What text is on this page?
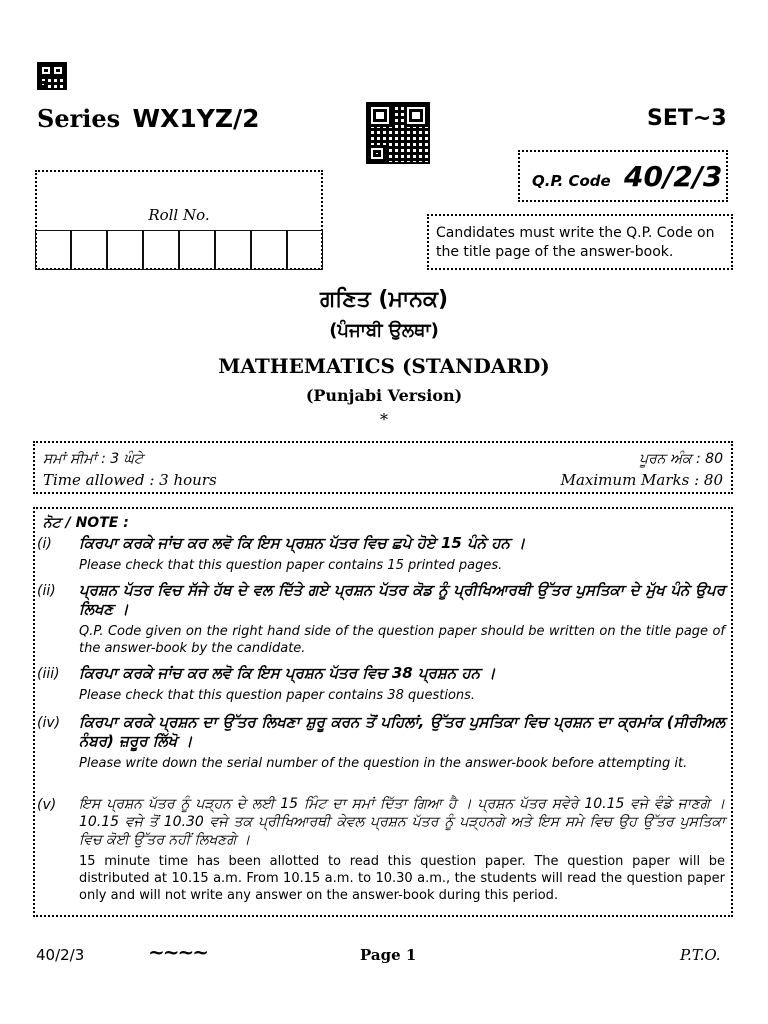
Series WX1YZ/2	SET~3
Q.P. Code 40/2/3
Roll No.
Candidates must write the Q.P. Code on the title page of the answer-book.
ਗਣਿਤ (ਮਾਨਕ)
(ਪੰਜਾਬੀ ਉਲਥਾ)
MATHEMATICS (STANDARD)
(Punjabi Version)
*
ਸਮਾਂ ਸੀਮਾਂ : 3 ਘੰਟੇ	ਪੂਰਨ ਅੰਕ : 80
Time allowed : 3 hours	Maximum Marks : 80
ਨੋਟ / NOTE :
(i) ਕਿਰਪਾ ਕਰਕੇ ਜਾਂਚ ਕਰ ਲਵੋ ਕਿ ਇਸ ਪ੍ਰਸ਼ਨ ਪੱਤਰ ਵਿਚ ਛਪੇ ਹੋਏ 15 ਪੰਨੇ ਹਨ ।
Please check that this question paper contains 15 printed pages.
(ii) ਪ੍ਰਸ਼ਨ ਪੱਤਰ ਵਿਚ ਸੱਜੇ ਹੱਥ ਦੇ ਵਲ ਦਿੱਤੇ ਗਏ ਪ੍ਰਸ਼ਨ ਪੱਤਰ ਕੋਡ ਨੂੰ ਪ੍ਰੀਖਿਆਰਥੀ ਉੱਤਰ ਪੁਸਤਿਕਾ ਦੇ ਮੁੱਖ ਪੰਨੇ ਉਪਰ ਲਿਖਣ ।
Q.P. Code given on the right hand side of the question paper should be written on the title page of the answer-book by the candidate.
(iii) ਕਿਰਪਾ ਕਰਕੇ ਜਾਂਚ ਕਰ ਲਵੋ ਕਿ ਇਸ ਪ੍ਰਸ਼ਨ ਪੱਤਰ ਵਿਚ 38 ਪ੍ਰਸ਼ਨ ਹਨ ।
Please check that this question paper contains 38 questions.
(iv) ਕਿਰਪਾ ਕਰਕੇ ਪ੍ਰਸ਼ਨ ਦਾ ਉੱਤਰ ਲਿਖਣਾ ਸ਼ੁਰੂ ਕਰਨ ਤੋਂ ਪਹਿਲਾਂ, ਉੱਤਰ ਪੁਸਤਿਕਾ ਵਿਚ ਪ੍ਰਸ਼ਨ ਦਾ ਕ੍ਰਮਾਂਕ (ਸੀਰੀਅਲ ਨੰਬਰ) ਜ਼ਰੂਰ ਲਿੱਖੋ ।
Please write down the serial number of the question in the answer-book before attempting it.
(v) ਇਸ ਪ੍ਰਸ਼ਨ ਪੱਤਰ ਨੂੰ ਪੜ੍ਹਨ ਦੇ ਲਈ 15 ਮਿੰਟ ਦਾ ਸਮਾਂ ਦਿੱਤਾ ਗਿਆ ਹੈ । ਪ੍ਰਸ਼ਨ ਪੱਤਰ ਸਵੇਰੇ 10.15 ਵਜੇ ਵੰਡੇ ਜਾਣਗੇ । 10.15 ਵਜੇ ਤੋਂ 10.30 ਵਜੇ ਤਕ ਪ੍ਰੀਖਿਆਰਥੀ ਕੇਵਲ ਪ੍ਰਸ਼ਨ ਪੱਤਰ ਨੂੰ ਪੜ੍ਹਨਗੇ ਅਤੇ ਇਸ ਸਮੇ ਵਿਚ ਉਹ ਉੱਤਰ ਪੁਸਤਿਕਾ ਵਿਚ ਕੋਈ ਉੱਤਰ ਨਹੀਂ ਲਿਖਣਗੇ ।
15 minute time has been allotted to read this question paper. The question paper will be distributed at 10.15 a.m. From 10.15 a.m. to 10.30 a.m., the students will read the question paper only and will not write any answer on the answer-book during this period.
40/2/3	~~~~	Page 1	P.T.O.
